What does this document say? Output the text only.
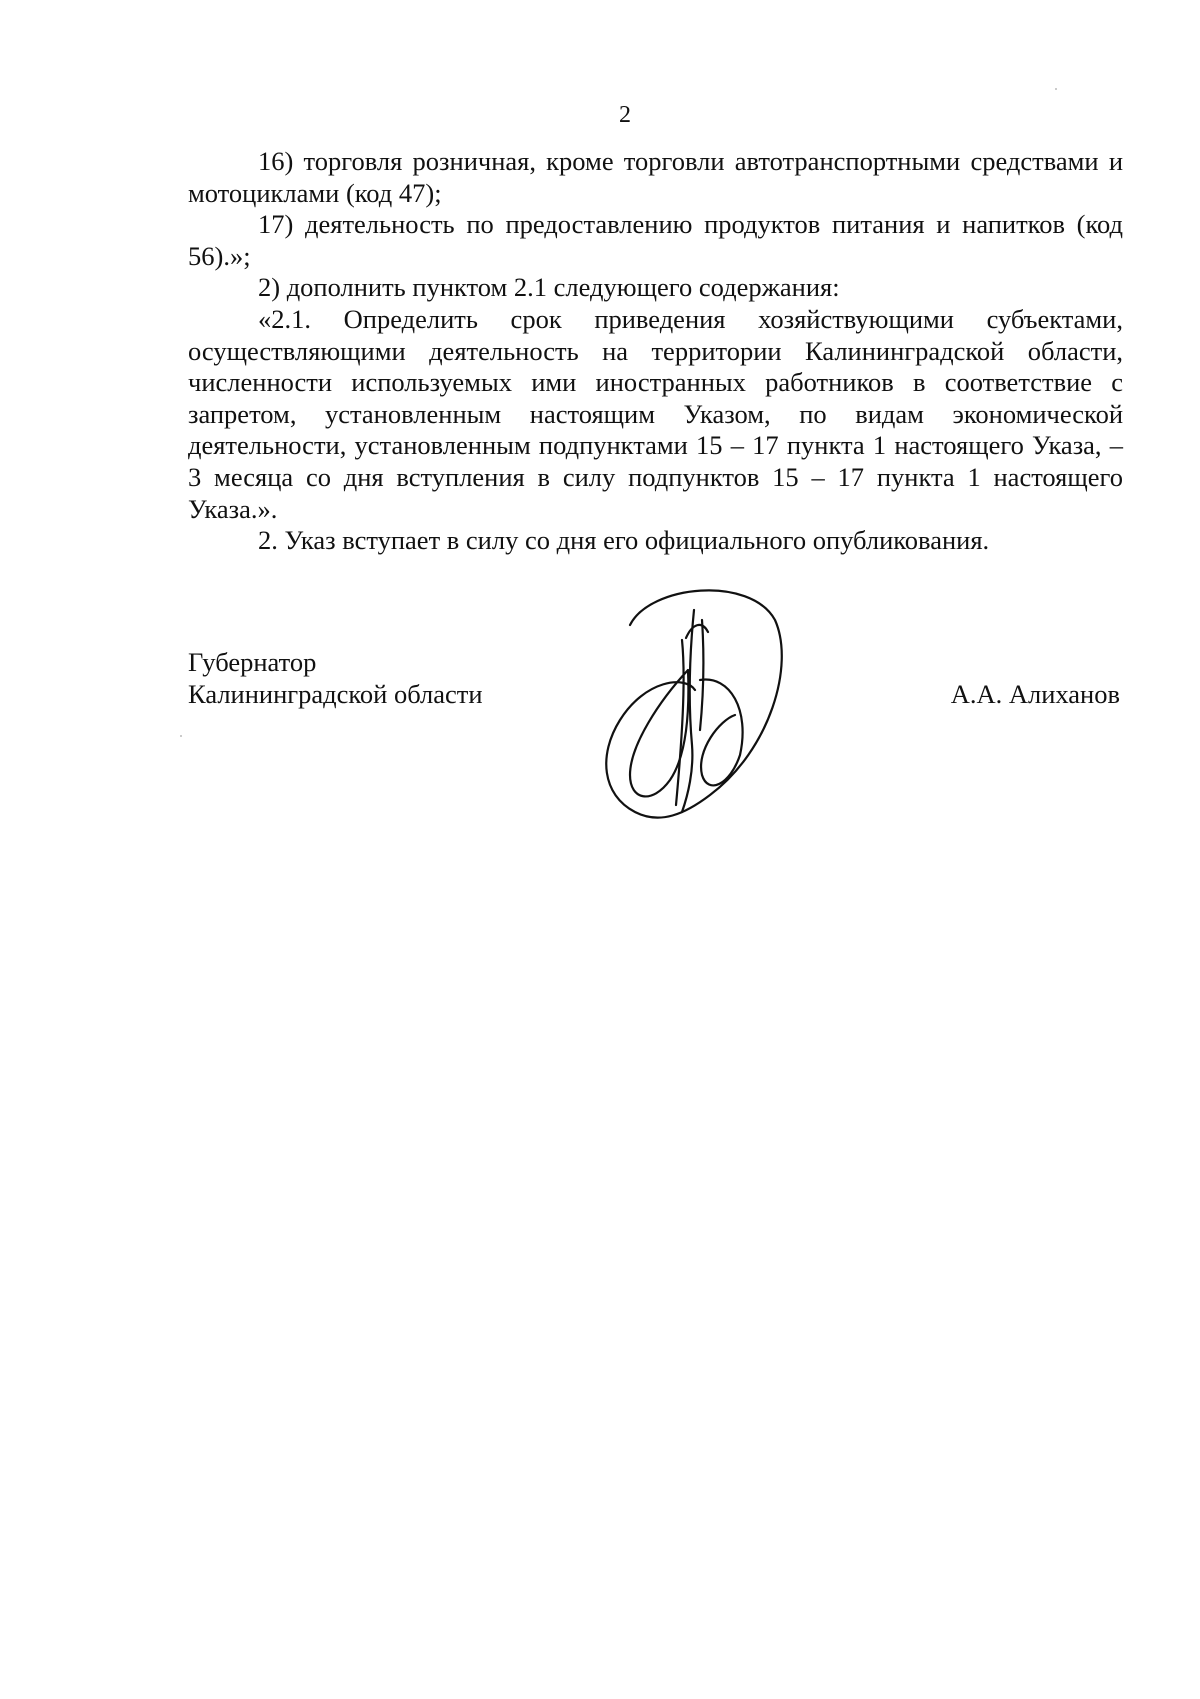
2

16) торговля розничная, кроме торговли автотранспортными средствами и мотоциклами (код 47);

17) деятельность по предоставлению продуктов питания и напитков (код 56).»;

2) дополнить пунктом 2.1 следующего содержания:

«2.1. Определить срок приведения хозяйствующими субъектами, осуществляющими деятельность на территории Калининградской области, численности используемых ими иностранных работников в соответствие с запретом, установленным настоящим Указом, по видам экономической деятельности, установленным подпунктами 15 – 17 пункта 1 настоящего Указа, – 3 месяца со дня вступления в силу подпунктов 15 – 17 пункта 1 настоящего Указа.».

2. Указ вступает в силу со дня его официального опубликования.

Губернатор
Калининградской области	А.А. Алиханов
